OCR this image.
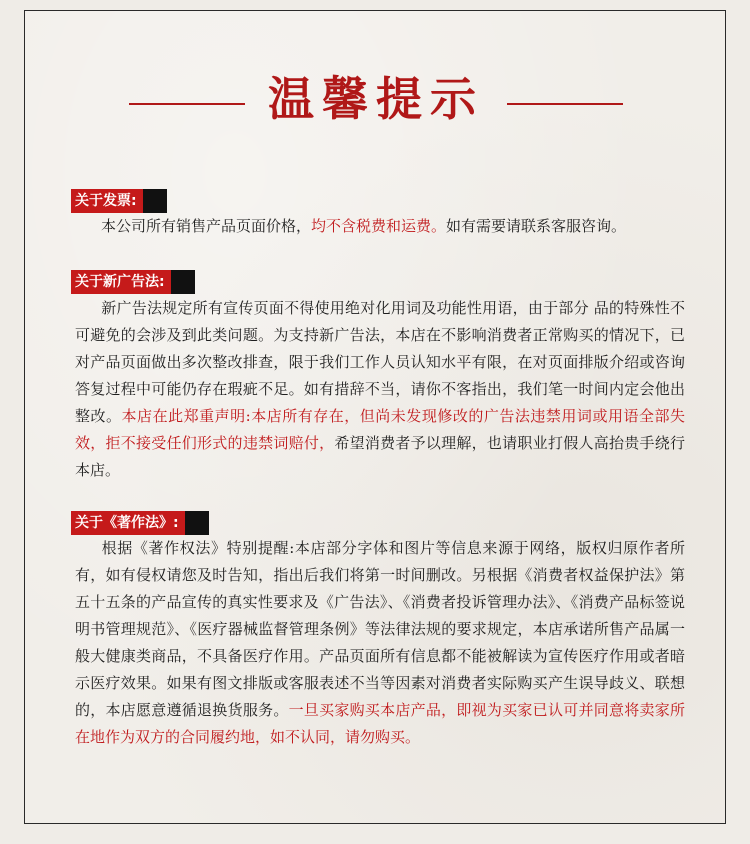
温馨提示
关于发票:
本公司所有销售产品页面价格，均不含税费和运费。如有需要请联系客服咨询。
关于新广告法:
新广告法规定所有宣传页面不得使用绝对化用词及功能性用语，由于部分 品的特殊性不可避免的会涉及到此类问题。为支持新广告法，本店在不影响消费者正常购买的情况下，已对产品页面做出多次整改排查，限于我们工作人员认知水平有限，在对页面排版介绍或咨询答复过程中可能仍存在瑕疵不足。如有措辞不当，请你不客指出，我们笔一时间内定会他出整改。本店在此郑重声明:本店所有存在，但尚未发现修改的广告法违禁用词或用语全部失效，拒不接受任们形式的违禁词赔付，希望消费者予以理解，也请职业打假人高抬贵手绕行本店。
关于《著作法》:
根据《著作权法》特别提醒:本店部分字体和图片等信息来源于网络，版权归原作者所有，如有侵权请您及时告知，指出后我们将第一时间删改。另根据《消费者权益保护法》第五十五条的产品宣传的真实性要求及《广告法》、《消费者投诉管理办法》、《消费产品标签说明书管理规范》、《医疗器械监督管理条例》等法律法规的要求规定，本店承诺所售产品属一般大健康类商品，不具备医疗作用。产品页面所有信息都不能被解读为宣传医疗作用或者暗示医疗效果。如果有图文排版或客服表述不当等因素对消费者实际购买产生误导歧义、联想的，本店愿意遵循退换货服务。一旦买家购买本店产品，即视为买家已认可并同意将卖家所在地作为双方的合同履约地，如不认同，请勿购买。
